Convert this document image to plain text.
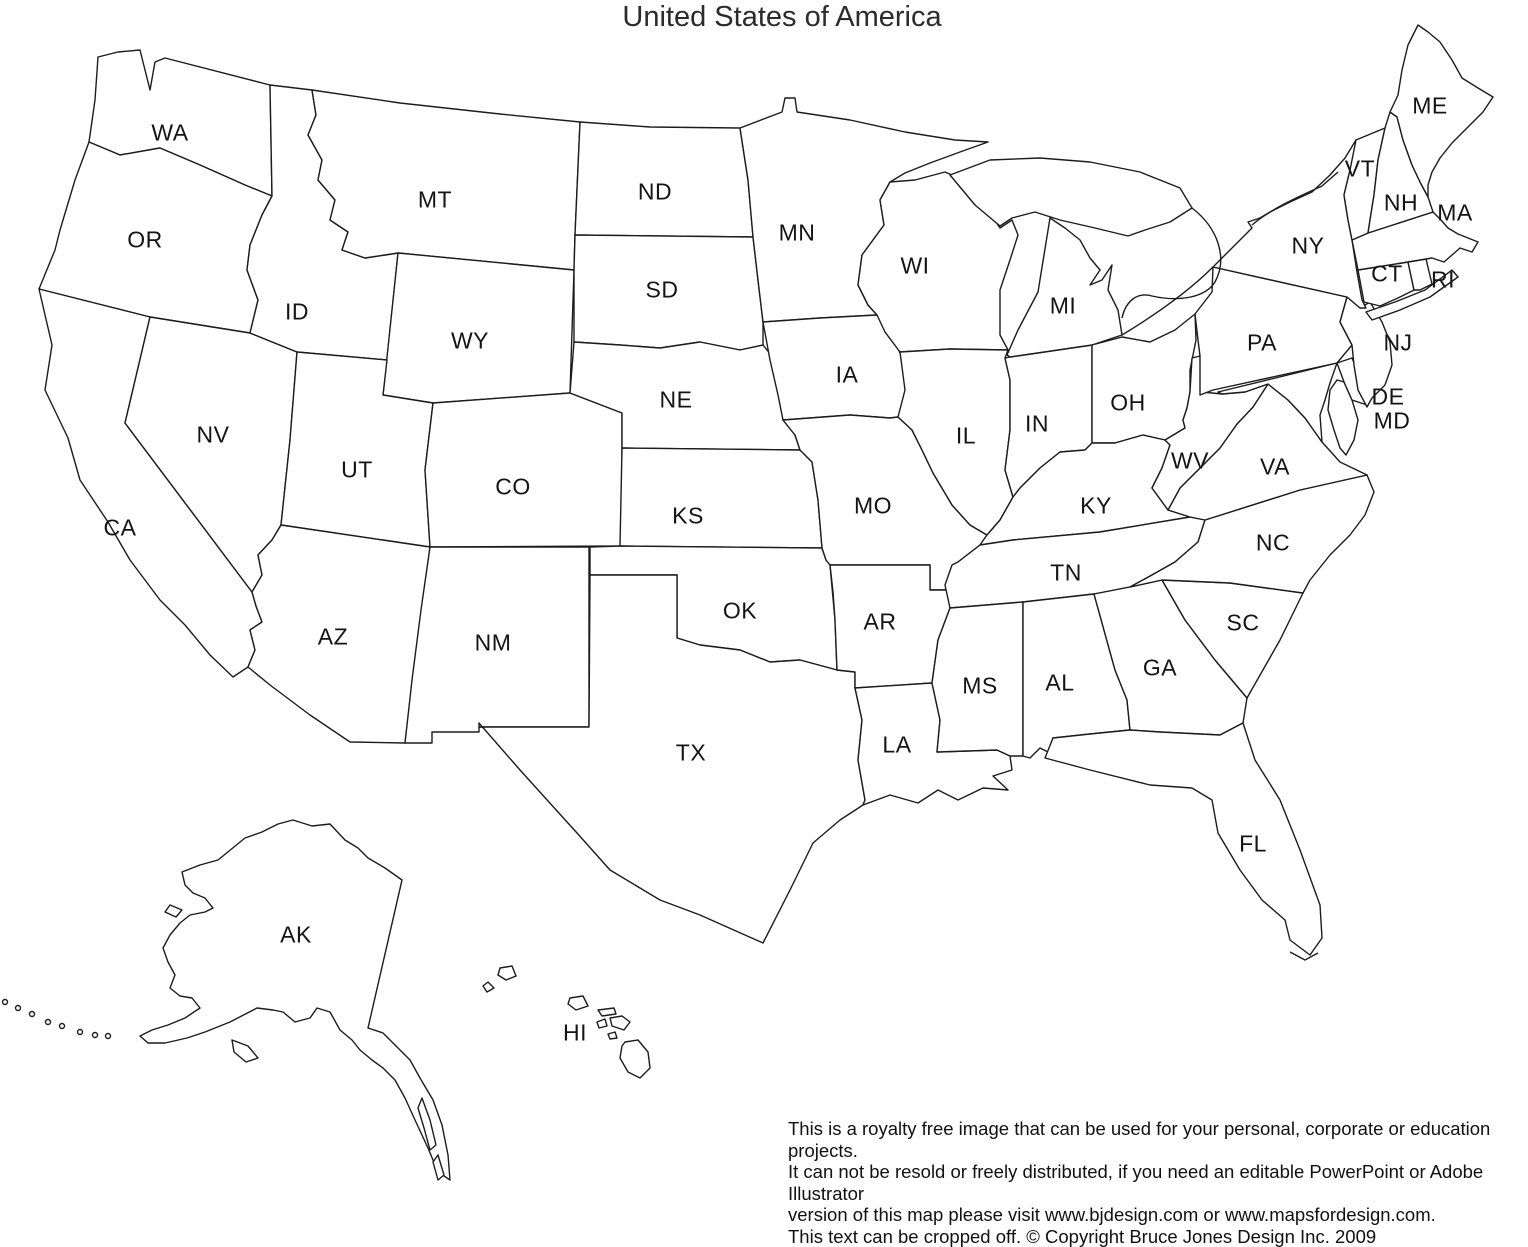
United States of America
WA
OR
ID
MT
WY
NV
UT
CA
AZ	NM
CO
ND
SD
NE
KS
OK
TX
MN
IA
MO
AR
LA
WI
IL IN
MI
OH
KY
TN
MS AL
GA
FL
SC
NC
VA
WV
PA
NY
NJ
DE
MD
VT
NH MA
CT RI
ME
AK
HI
This is a royalty free image that can be used for your personal, corporate or education projects.
It can not be resold or freely distributed, if you need an editable PowerPoint or Adobe Illustrator
version of this map please visit www.bjdesign.com or www.mapsfordesign.com.
This text can be cropped off. © Copyright Bruce Jones Design Inc. 2009
